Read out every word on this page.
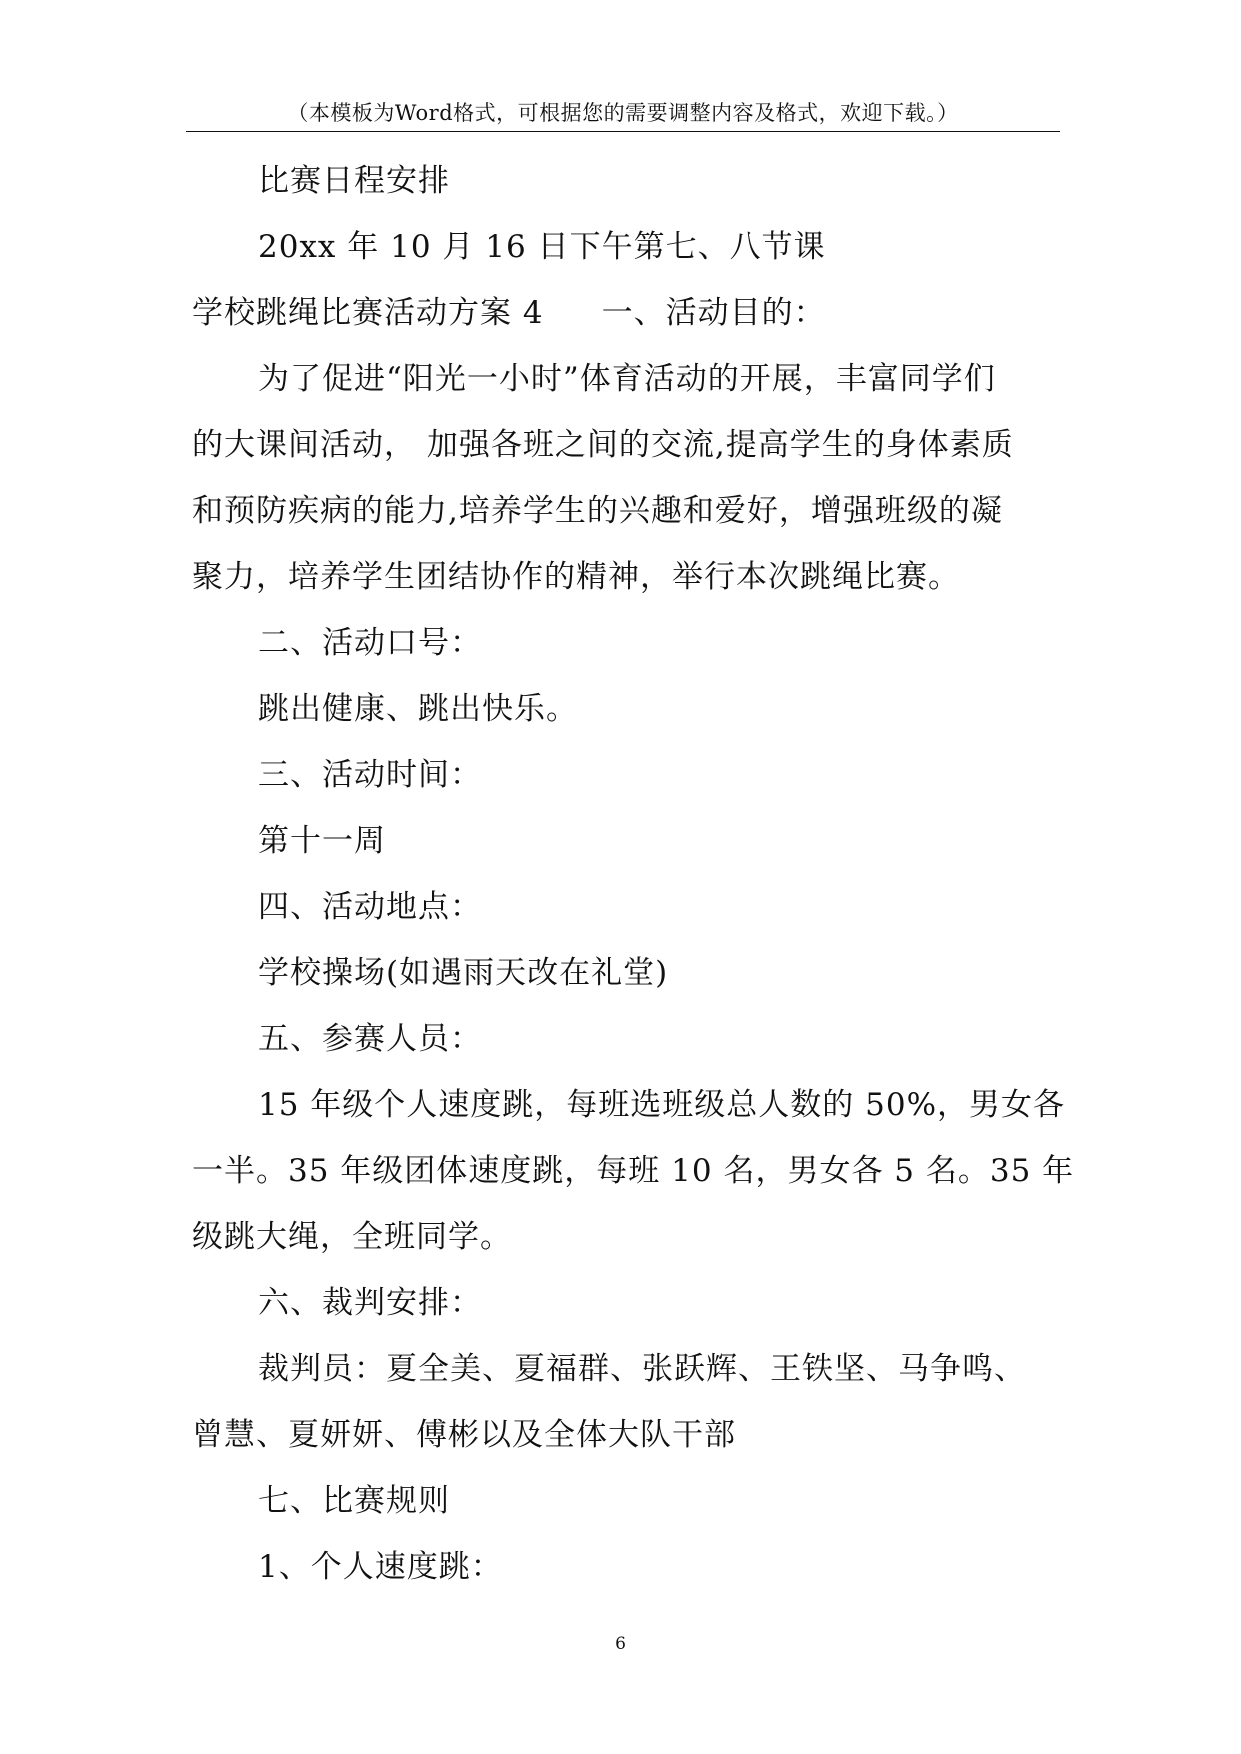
（本模板为Word格式，可根据您的需要调整内容及格式，欢迎下载。）
比赛日程安排
20xx 年 10 月 16 日下午第七、八节课
学校跳绳比赛活动方案 4 一、活动目的：
为了促进“阳光一小时”体育活动的开展，丰富同学们
的大课间活动， 加强各班之间的交流,提高学生的身体素质
和预防疾病的能力,培养学生的兴趣和爱好，增强班级的凝
聚力，培养学生团结协作的精神，举行本次跳绳比赛。
二、活动口号：
跳出健康、跳出快乐。
三、活动时间：
第十一周
四、活动地点：
学校操场(如遇雨天改在礼堂)
五、参赛人员：
15 年级个人速度跳，每班选班级总人数的 50%，男女各
一半。35 年级团体速度跳，每班 10 名，男女各 5 名。35 年
级跳大绳，全班同学。
六、裁判安排：
裁判员：夏全美、夏福群、张跃辉、王铁坚、马争鸣、
曾慧、夏妍妍、傅彬以及全体大队干部
七、比赛规则
1、个人速度跳：
6
